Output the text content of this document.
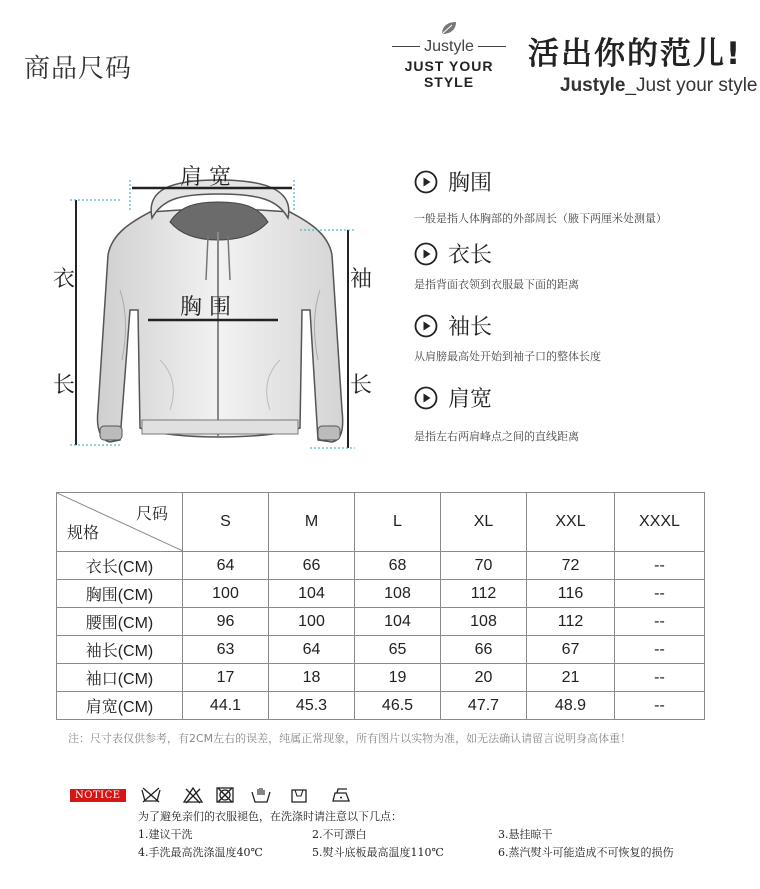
商品尺码
Justyle
JUST YOUR STYLE
活出你的范儿!
Justyle_Just your style
肩 宽
胸 围
衣
长
袖
长
胸围
一般是指人体胸部的外部周长（腋下两厘米处测量）
衣长
是指背面衣领到衣服最下面的距离
袖长
从肩膀最高处开始到袖子口的整体长度
肩宽
是指左右两肩峰点之间的直线距离
尺码
规格	S	M	L	XL	XXL	XXXL
衣长(CM)	64	66	68	70	72	--
胸围(CM)	100	104	108	112	116	--
腰围(CM)	96	100	104	108	112	--
袖长(CM)	63	64	65	66	67	--
袖口(CM)	17	18	19	20	21	--
肩宽(CM)	44.1	45.3	46.5	47.7	48.9	--
注：尺寸表仅供参考，有2CM左右的误差，纯属正常现象，所有图片以实物为准，如无法确认请留言说明身高体重！
NOTICE
为了避免亲们的衣服褪色，在洗涤时请注意以下几点：
1.建议干洗	2.不可漂白	3.悬挂晾干
4.手洗最高洗涤温度40℃	5.熨斗底板最高温度110℃	6.蒸汽熨斗可能造成不可恢复的损伤
